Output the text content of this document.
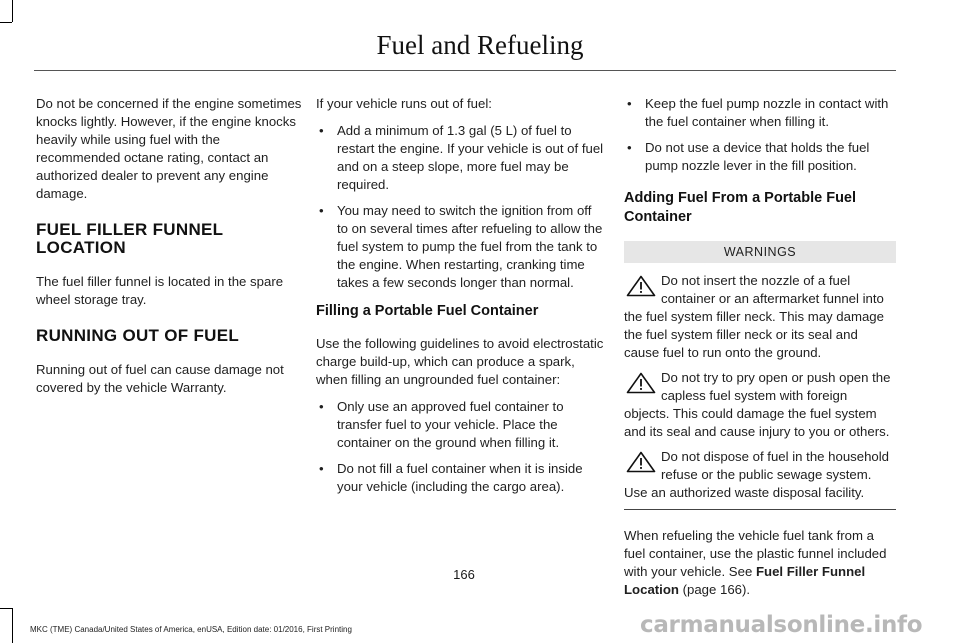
Fuel and Refueling

Do not be concerned if the engine sometimes knocks lightly. However, if the engine knocks heavily while using fuel with the recommended octane rating, contact an authorized dealer to prevent any engine damage.

FUEL FILLER FUNNEL LOCATION

The fuel filler funnel is located in the spare wheel storage tray.

RUNNING OUT OF FUEL

Running out of fuel can cause damage not covered by the vehicle Warranty.

If your vehicle runs out of fuel:

• Add a minimum of 1.3 gal (5 L) of fuel to restart the engine. If your vehicle is out of fuel and on a steep slope, more fuel may be required.
• You may need to switch the ignition from off to on several times after refueling to allow the fuel system to pump the fuel from the tank to the engine. When restarting, cranking time takes a few seconds longer than normal.
Filling a Portable Fuel Container

Use the following guidelines to avoid electrostatic charge build-up, which can produce a spark, when filling an ungrounded fuel container:

• Only use an approved fuel container to transfer fuel to your vehicle. Place the container on the ground when filling it.
• Do not fill a fuel container when it is inside your vehicle (including the cargo area).
• Keep the fuel pump nozzle in contact with the fuel container when filling it.
• Do not use a device that holds the fuel pump nozzle lever in the fill position.
Adding Fuel From a Portable Fuel Container
WARNINGS
Do not insert the nozzle of a fuel container or an aftermarket funnel into the fuel system filler neck. This may damage the fuel system filler neck or its seal and cause fuel to run onto the ground.
Do not try to pry open or push open the capless fuel system with foreign objects. This could damage the fuel system and its seal and cause injury to you or others.
Do not dispose of fuel in the household refuse or the public sewage system. Use an authorized waste disposal facility.

When refueling the vehicle fuel tank from a fuel container, use the plastic funnel included with your vehicle. See Fuel Filler Funnel Location (page 166).

166
MKC (TME) Canada/United States of America, enUSA, Edition date: 01/2016, First Printing	carmanualsonline.info
